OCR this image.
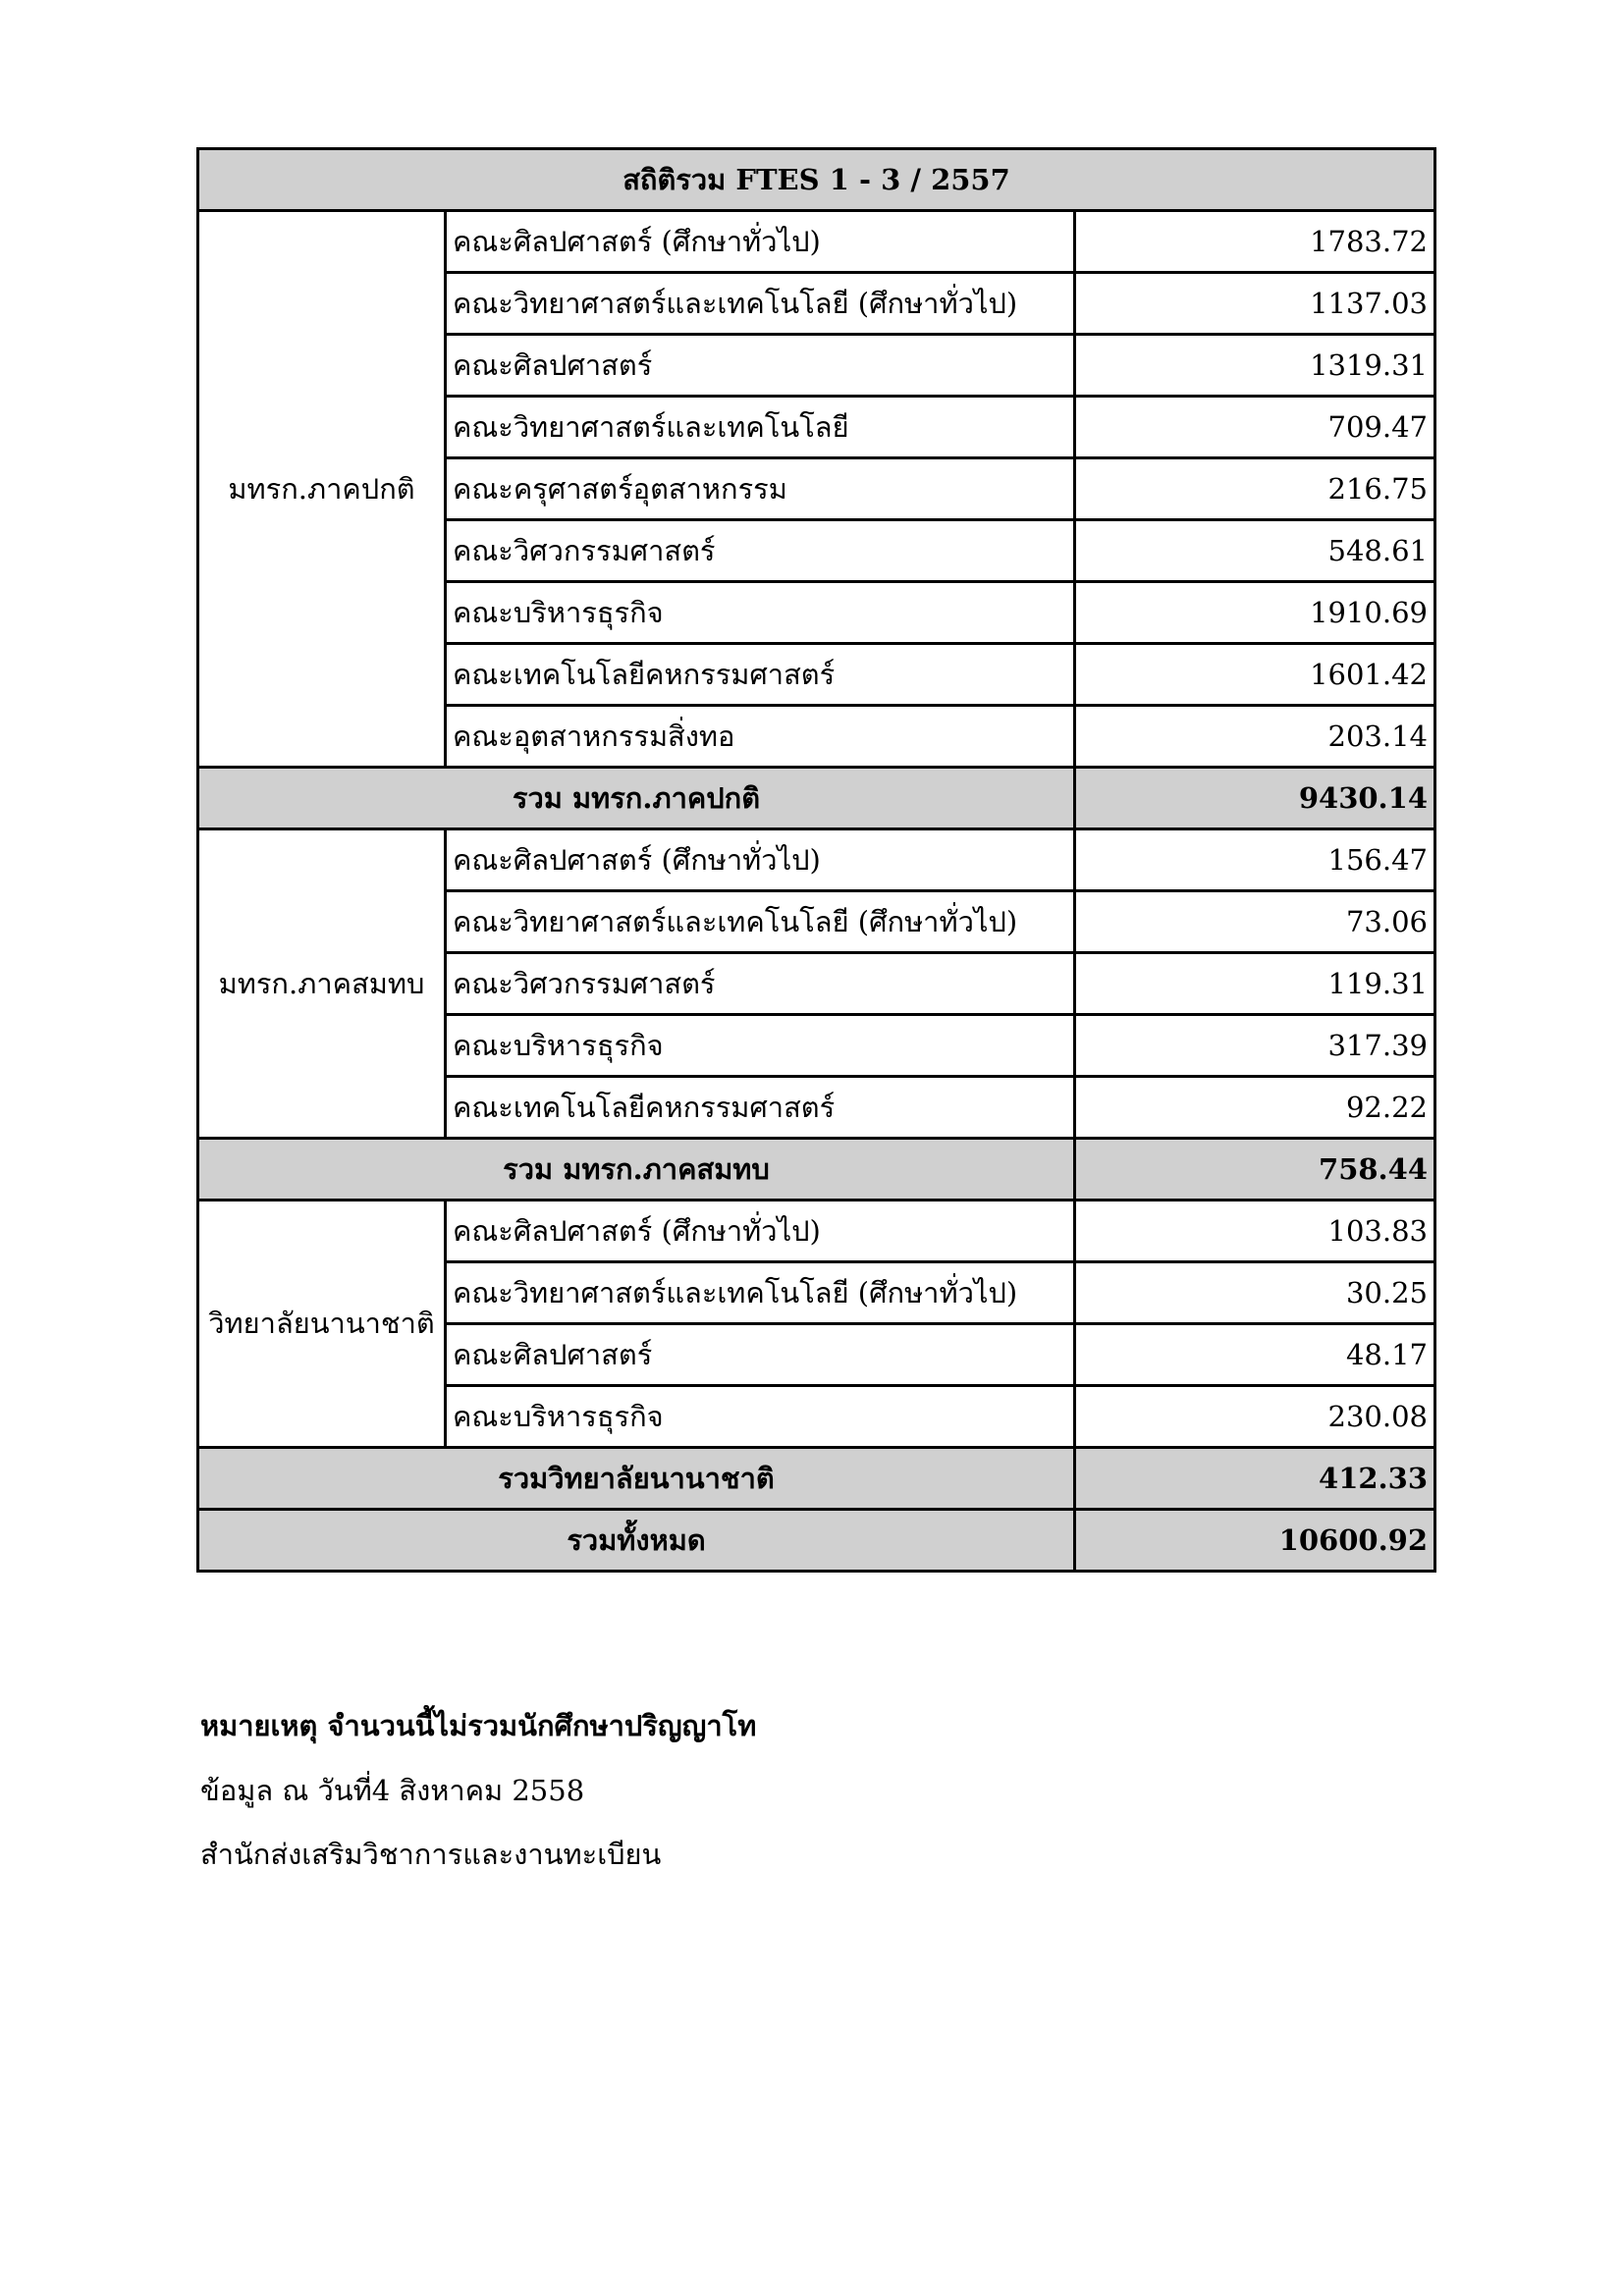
สถิติรวม FTES 1 - 3 / 2557		
มทรก.ภาคปกติ	คณะศิลปศาสตร์ (ศึกษาทั่วไป)	1783.72
	คณะวิทยาศาสตร์และเทคโนโลยี (ศึกษาทั่วไป)	1137.03
	คณะศิลปศาสตร์	1319.31
	คณะวิทยาศาสตร์และเทคโนโลยี	709.47
	คณะครุศาสตร์อุตสาหกรรม	216.75
	คณะวิศวกรรมศาสตร์	548.61
	คณะบริหารธุรกิจ	1910.69
	คณะเทคโนโลยีคหกรรมศาสตร์	1601.42
	คณะอุตสาหกรรมสิ่งทอ	203.14
รวม มทรก.ภาคปกติ		9430.14
มทรก.ภาคสมทบ	คณะศิลปศาสตร์ (ศึกษาทั่วไป)	156.47
	คณะวิทยาศาสตร์และเทคโนโลยี (ศึกษาทั่วไป)	73.06
	คณะวิศวกรรมศาสตร์	119.31
	คณะบริหารธุรกิจ	317.39
	คณะเทคโนโลยีคหกรรมศาสตร์	92.22
รวม มทรก.ภาคสมทบ		758.44
วิทยาลัยนานาชาติ	คณะศิลปศาสตร์ (ศึกษาทั่วไป)	103.83
	คณะวิทยาศาสตร์และเทคโนโลยี (ศึกษาทั่วไป)	30.25
	คณะศิลปศาสตร์	48.17
	คณะบริหารธุรกิจ	230.08
รวมวิทยาลัยนานาชาติ		412.33
รวมทั้งหมด		10600.92

หมายเหตุ จำนวนนี้ไม่รวมนักศึกษาปริญญาโท

ข้อมูล ณ วันที่4 สิงหาคม 2558

สำนักส่งเสริมวิชาการและงานทะเบียน
